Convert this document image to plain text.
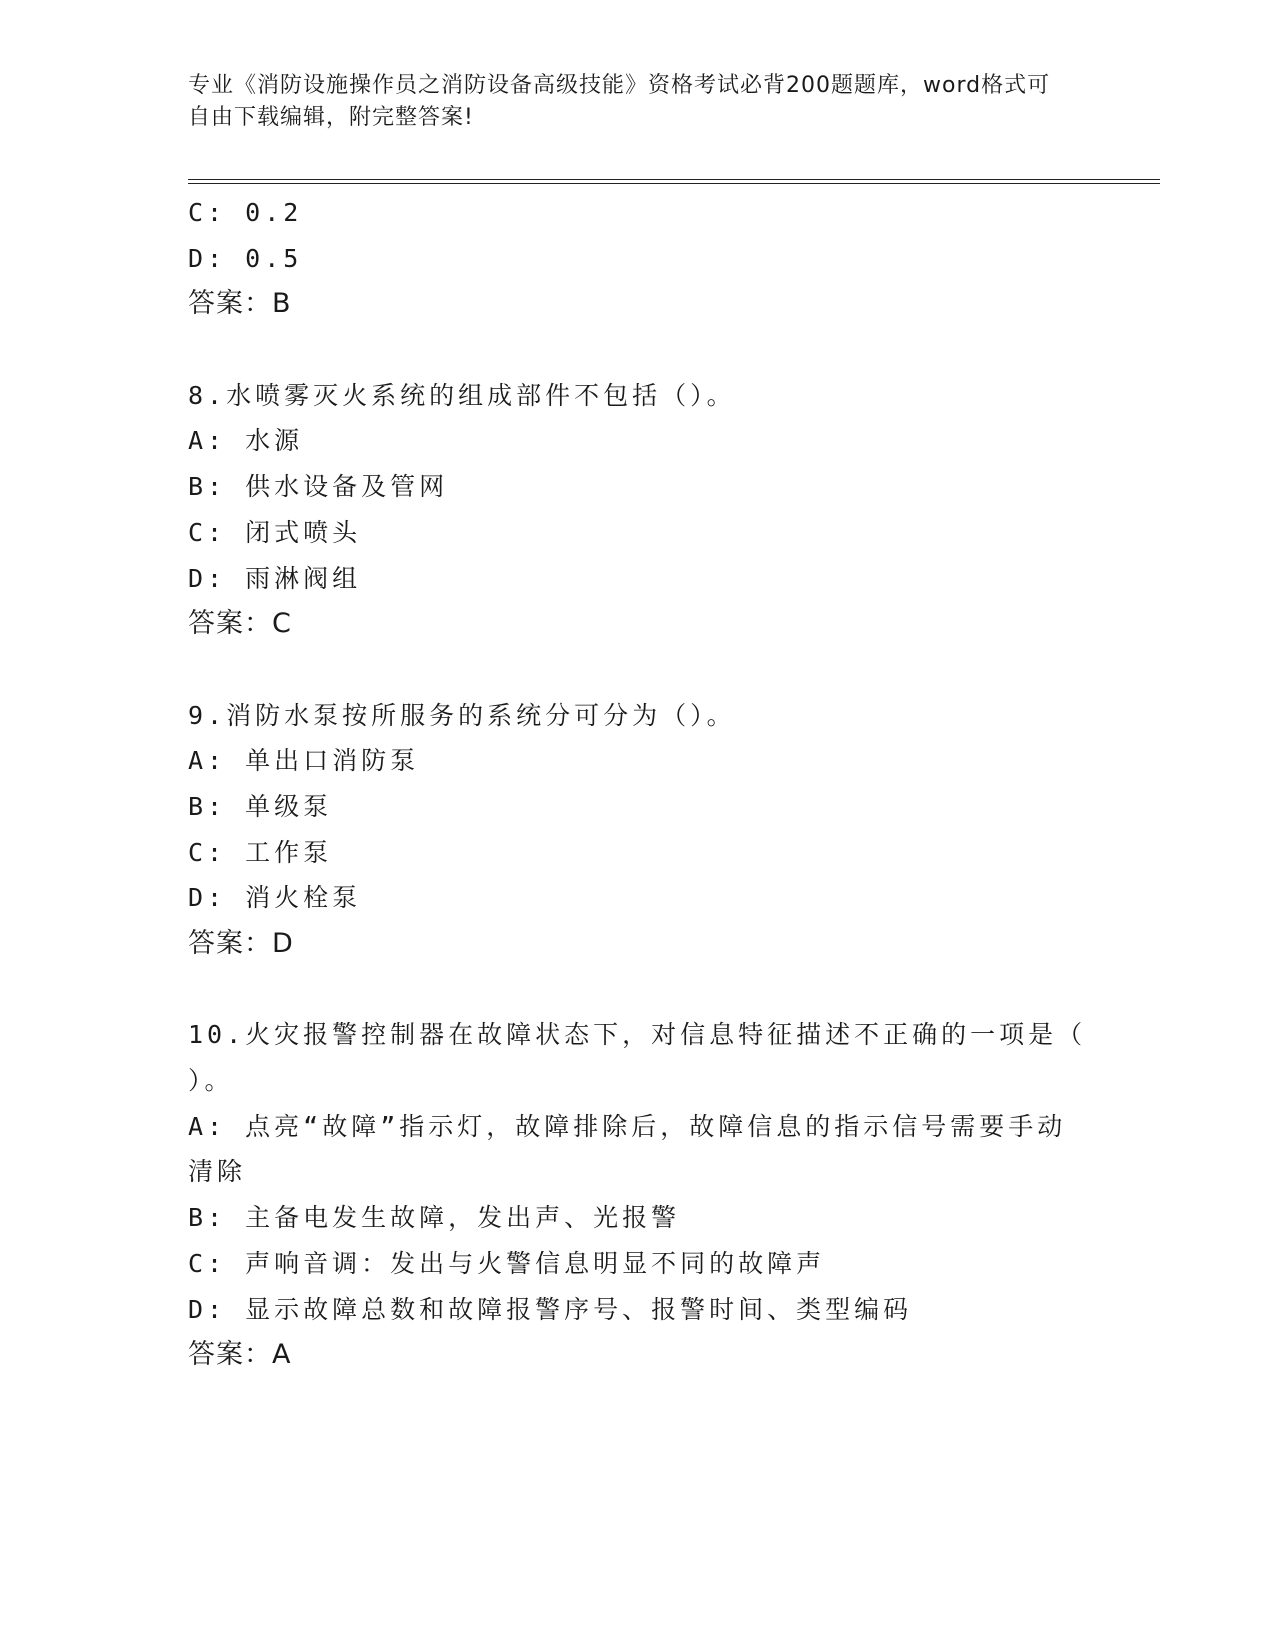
专业《消防设施操作员之消防设备高级技能》资格考试必背200题题库，word格式可自由下载编辑，附完整答案!
C: 0.2
D: 0.5
答案：B
8.水喷雾灭火系统的组成部件不包括（）。
A: 水源
B: 供水设备及管网
C: 闭式喷头
D: 雨淋阀组
答案：C
9.消防水泵按所服务的系统分可分为（）。
A: 单出口消防泵
B: 单级泵
C: 工作泵
D: 消火栓泵
答案：D
10.火灾报警控制器在故障状态下，对信息特征描述不正确的一项是（
）。
A: 点亮“故障”指示灯，故障排除后，故障信息的指示信号需要手动
清除
B: 主备电发生故障，发出声、光报警
C: 声响音调：发出与火警信息明显不同的故障声
D: 显示故障总数和故障报警序号、报警时间、类型编码
答案：A
